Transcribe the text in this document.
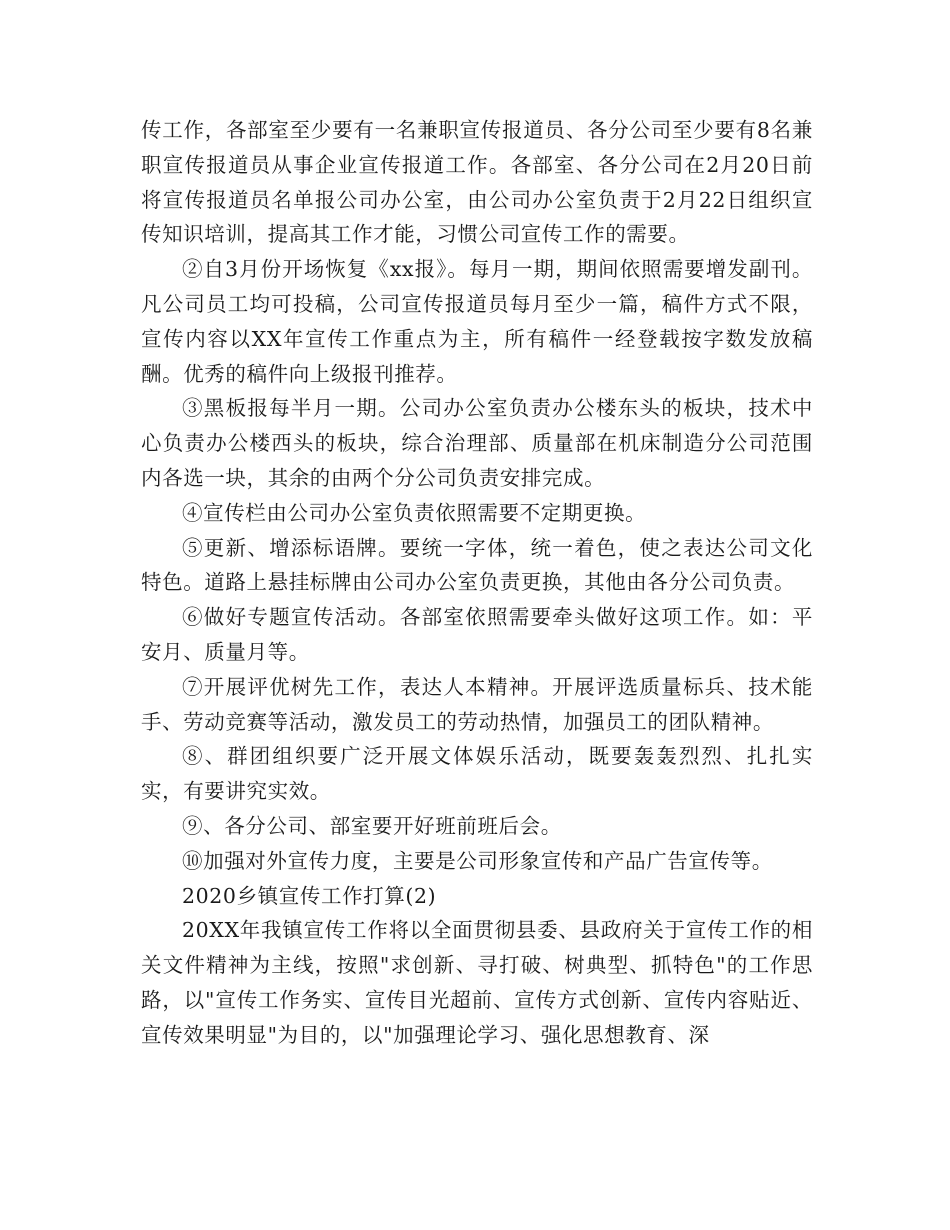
传工作，各部室至少要有一名兼职宣传报道员、各分公司至少要有8名兼职宣传报道员从事企业宣传报道工作。各部室、各分公司在2月20日前将宣传报道员名单报公司办公室，由公司办公室负责于2月22日组织宣传知识培训，提高其工作才能，习惯公司宣传工作的需要。

②自3月份开场恢复《xx报》。每月一期，期间依照需要增发副刊。凡公司员工均可投稿，公司宣传报道员每月至少一篇，稿件方式不限，宣传内容以XX年宣传工作重点为主，所有稿件一经登载按字数发放稿酬。优秀的稿件向上级报刊推荐。

③黑板报每半月一期。公司办公室负责办公楼东头的板块，技术中心负责办公楼西头的板块，综合治理部、质量部在机床制造分公司范围内各选一块，其余的由两个分公司负责安排完成。

④宣传栏由公司办公室负责依照需要不定期更换。

⑤更新、增添标语牌。要统一字体，统一着色，使之表达公司文化特色。道路上悬挂标牌由公司办公室负责更换，其他由各分公司负责。

⑥做好专题宣传活动。各部室依照需要牵头做好这项工作。如：平安月、质量月等。

⑦开展评优树先工作，表达人本精神。开展评选质量标兵、技术能手、劳动竞赛等活动，激发员工的劳动热情，加强员工的团队精神。

⑧、群团组织要广泛开展文体娱乐活动，既要轰轰烈烈、扎扎实实，有要讲究实效。

⑨、各分公司、部室要开好班前班后会。

⑩加强对外宣传力度，主要是公司形象宣传和产品广告宣传等。

2020乡镇宣传工作打算(2)

20XX年我镇宣传工作将以全面贯彻县委、县政府关于宣传工作的相关文件精神为主线，按照"求创新、寻打破、树典型、抓特色"的工作思路，以"宣传工作务实、宣传目光超前、宣传方式创新、宣传内容贴近、宣传效果明显"为目的，以"加强理论学习、强化思想教育、深
